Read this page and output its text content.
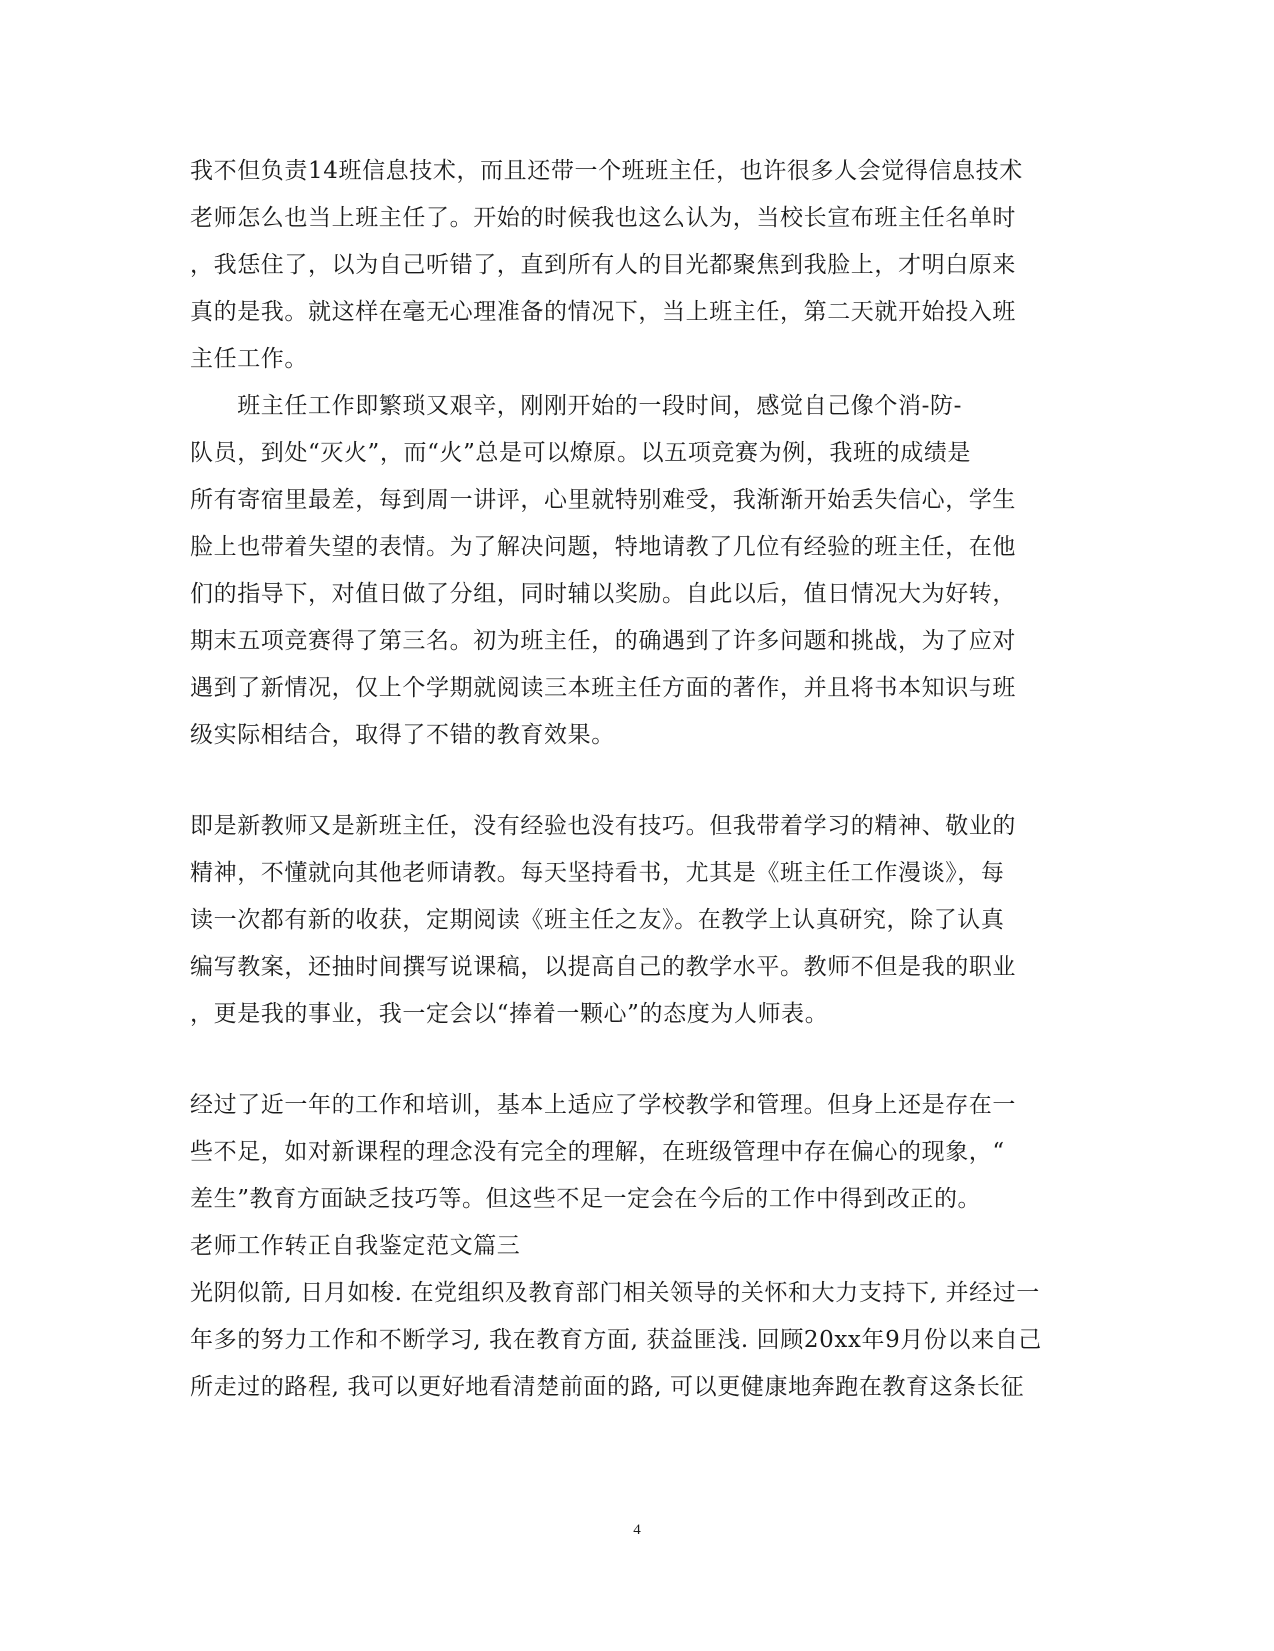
我不但负责14班信息技术，而且还带一个班班主任，也许很多人会觉得信息技术
老师怎么也当上班主任了。开始的时候我也这么认为，当校长宣布班主任名单时
，我恁住了，以为自己听错了，直到所有人的目光都聚焦到我脸上，才明白原来
真的是我。就这样在毫无心理准备的情况下，当上班主任，第二天就开始投入班
主任工作。
　　班主任工作即繁琐又艰辛，刚刚开始的一段时间，感觉自己像个消-防-
队员，到处“灭火”，而“火”总是可以燎原。以五项竞赛为例，我班的成绩是
所有寄宿里最差，每到周一讲评，心里就特别难受，我渐渐开始丢失信心，学生
脸上也带着失望的表情。为了解决问题，特地请教了几位有经验的班主任，在他
们的指导下，对值日做了分组，同时辅以奖励。自此以后，值日情况大为好转，
期末五项竞赛得了第三名。初为班主任，的确遇到了许多问题和挑战，为了应对
遇到了新情况，仅上个学期就阅读三本班主任方面的著作，并且将书本知识与班
级实际相结合，取得了不错的教育效果。
即是新教师又是新班主任，没有经验也没有技巧。但我带着学习的精神、敬业的
精神，不懂就向其他老师请教。每天坚持看书，尤其是《班主任工作漫谈》，每
读一次都有新的收获，定期阅读《班主任之友》。在教学上认真研究，除了认真
编写教案，还抽时间撰写说课稿，以提高自己的教学水平。教师不但是我的职业
，更是我的事业，我一定会以“捧着一颗心”的态度为人师表。
经过了近一年的工作和培训，基本上适应了学校教学和管理。但身上还是存在一
些不足，如对新课程的理念没有完全的理解，在班级管理中存在偏心的现象，“
差生”教育方面缺乏技巧等。但这些不足一定会在今后的工作中得到改正的。
老师工作转正自我鉴定范文篇三
光阴似箭, 日月如梭. 在党组织及教育部门相关领导的关怀和大力支持下, 并经过一
年多的努力工作和不断学习, 我在教育方面, 获益匪浅. 回顾20xx年9月份以来自己
所走过的路程, 我可以更好地看清楚前面的路, 可以更健康地奔跑在教育这条长征
4
